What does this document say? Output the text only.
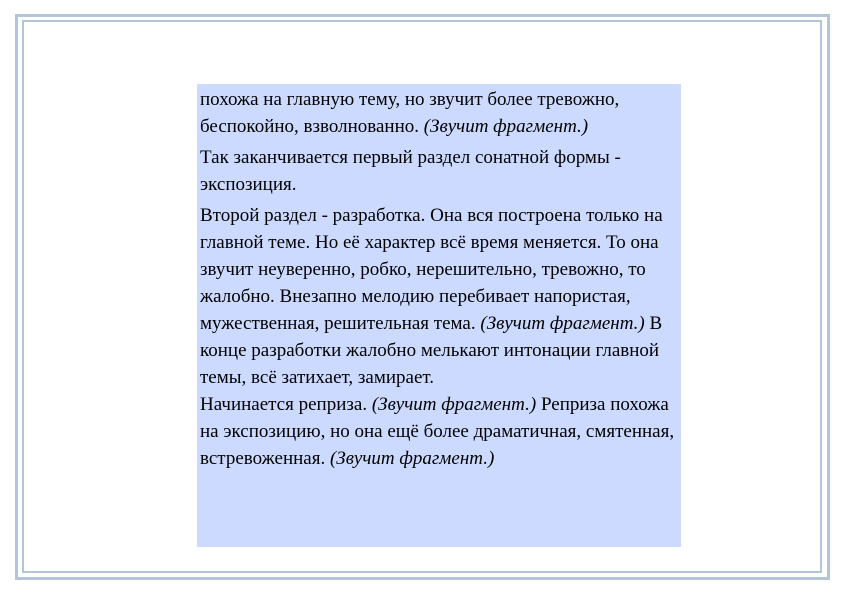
похожа на главную тему, но звучит более тревожно, беспокойно, взволнованно. (Звучит фрагмент.)

Так заканчивается первый раздел сонатной формы - экспозиция.

Второй раздел - разработка. Она вся построена только на главной теме. Но её характер всё время меняется. То она звучит неуверенно, робко, нерешительно, тревожно, то жалобно. Внезапно мелодию перебивает напористая, мужественная, решительная тема. (Звучит фрагмент.) В конце разработки жалобно мелькают интонации главной темы, всё затихает, замирает.

Начинается реприза. (Звучит фрагмент.) Реприза похожа на экспозицию, но она ещё более драматичная, смятенная, встревоженная. (Звучит фрагмент.)
